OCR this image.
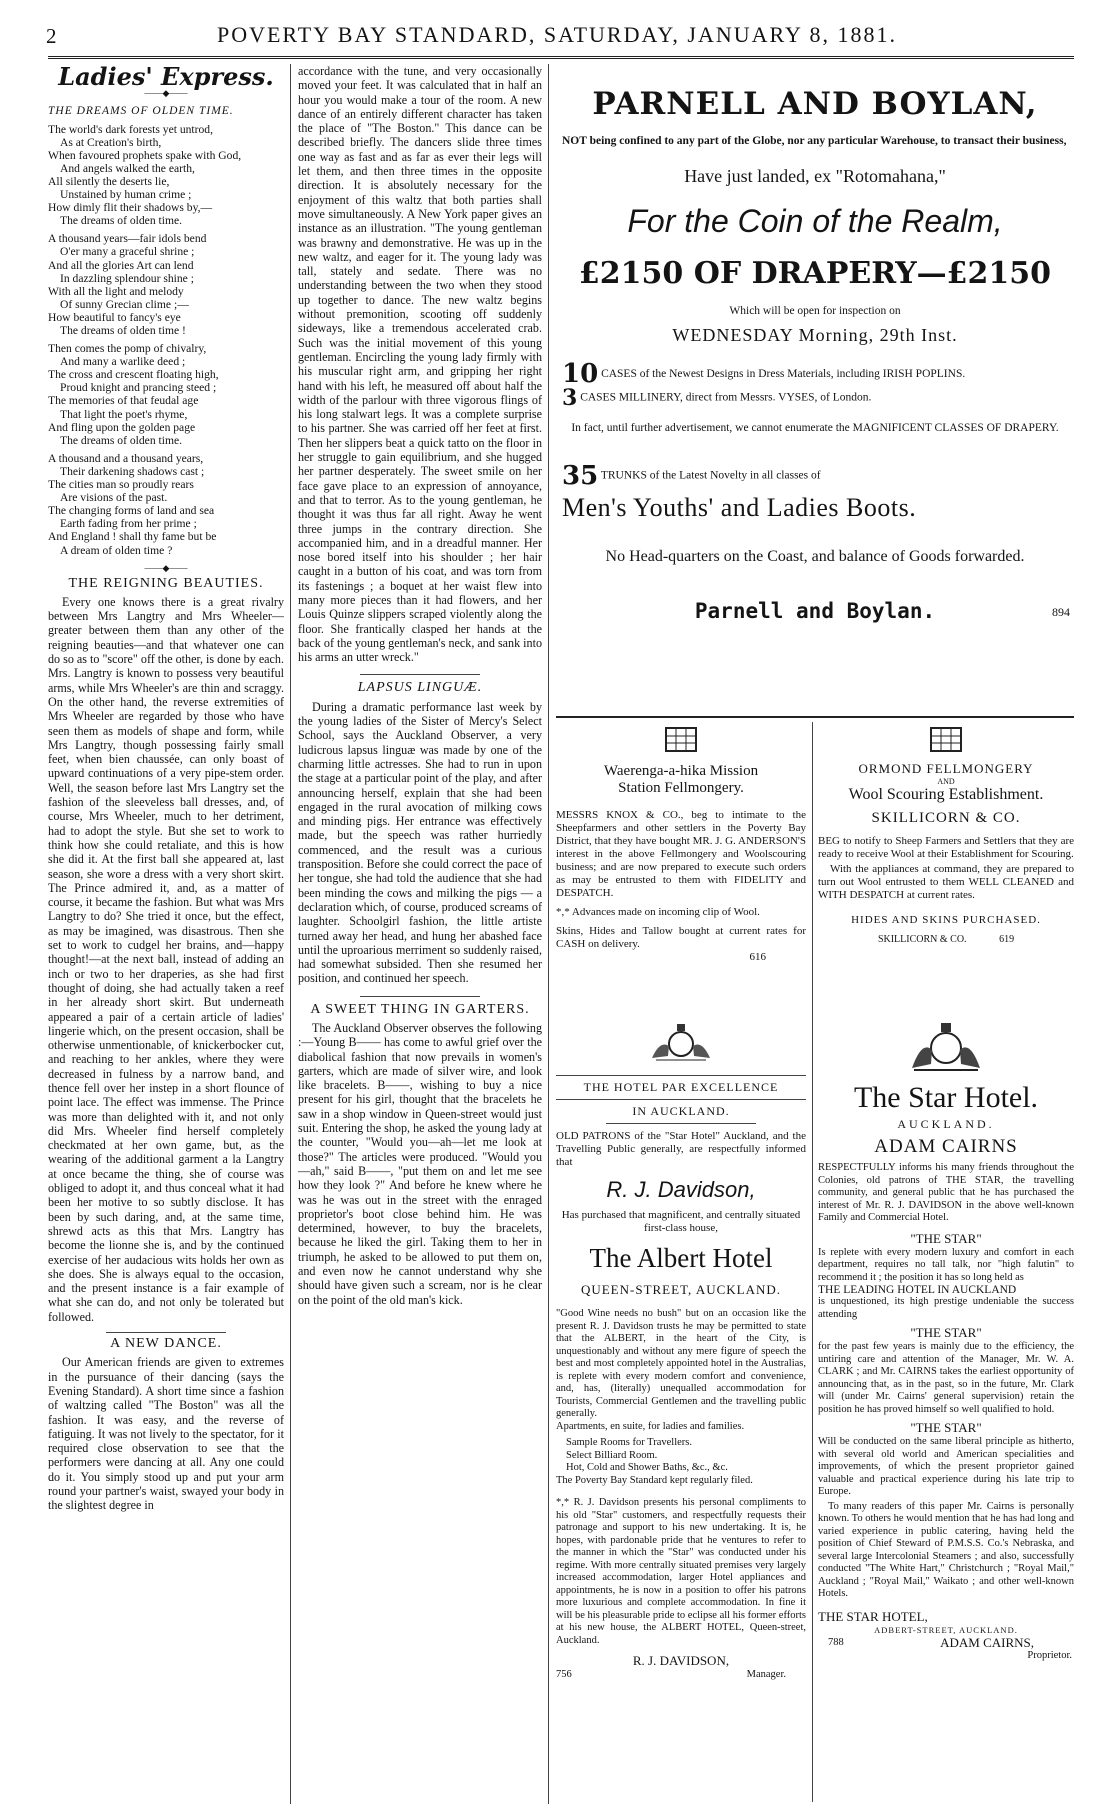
2	POVERTY BAY STANDARD, SATURDAY, JANUARY 8, 1881.
Ladies' Express.
——◆——
THE DREAMS OF OLDEN TIME.
The world's dark forests yet untrod,
As at Creation's birth,
When favoured prophets spake with God,
And angels walked the earth,
All silently the deserts lie,
Unstained by human crime ;
How dimly flit their shadows by,—
The dreams of olden time.
A thousand years—fair idols bend
O'er many a graceful shrine ;
And all the glories Art can lend
In dazzling splendour shine ;
With all the light and melody
Of sunny Grecian clime ;—
How beautiful to fancy's eye
The dreams of olden time !
Then comes the pomp of chivalry,
And many a warlike deed ;
The cross and crescent floating high,
Proud knight and prancing steed ;
The memories of that feudal age
That light the poet's rhyme,
And fling upon the golden page
The dreams of olden time.
A thousand and a thousand years,
Their darkening shadows cast ;
The cities man so proudly rears
Are visions of the past.
The changing forms of land and sea
Earth fading from her prime ;
And England ! shall thy fame but be
A dream of olden time ?
——◆——
THE REIGNING BEAUTIES.

Every one knows there is a great rivalry between Mrs Langtry and Mrs Wheeler—greater between them than any other of the reigning beauties—and that whatever one can do so as to "score" off the other, is done by each. Mrs. Langtry is known to possess very beautiful arms, while Mrs Wheeler's are thin and scraggy. On the other hand, the reverse extremities of Mrs Wheeler are regarded by those who have seen them as models of shape and form, while Mrs Langtry, though possessing fairly small feet, when bien chaussée, can only boast of upward continuations of a very pipe-stem order. Well, the season before last Mrs Langtry set the fashion of the sleeveless ball dresses, and, of course, Mrs Wheeler, much to her detriment, had to adopt the style. But she set to work to think how she could retaliate, and this is how she did it. At the first ball she appeared at, last season, she wore a dress with a very short skirt. The Prince admired it, and, as a matter of course, it became the fashion. But what was Mrs Langtry to do? She tried it once, but the effect, as may be imagined, was disastrous. Then she set to work to cudgel her brains, and—happy thought!—at the next ball, instead of adding an inch or two to her draperies, as she had first thought of doing, she had actually taken a reef in her already short skirt. But underneath appeared a pair of a certain article of ladies' lingerie which, on the present occasion, shall be otherwise unmentionable, of knickerbocker cut, and reaching to her ankles, where they were decreased in fulness by a narrow band, and thence fell over her instep in a short flounce of point lace. The effect was immense. The Prince was more than delighted with it, and not only did Mrs. Wheeler find herself completely checkmated at her own game, but, as the wearing of the additional garment a la Langtry at once became the thing, she of course was obliged to adopt it, and thus conceal what it had been her motive to so subtly disclose. It has been by such daring, and, at the same time, shrewd acts as this that Mrs. Langtry has become the lionne she is, and by the continued exercise of her audacious wits holds her own as she does. She is always equal to the occasion, and the present instance is a fair example of what she can do, and not only be tolerated but followed.

A NEW DANCE.

Our American friends are given to extremes in the pursuance of their dancing (says the Evening Standard). A short time since a fashion of waltzing called "The Boston" was all the fashion. It was easy, and the reverse of fatiguing. It was not lively to the spectator, for it required close observation to see that the performers were dancing at all. Any one could do it. You simply stood up and put your arm round your partner's waist, swayed your body in the slightest degree in

accordance with the tune, and very occasionally moved your feet. It was calculated that in half an hour you would make a tour of the room. A new dance of an entirely different character has taken the place of "The Boston." This dance can be described briefly. The dancers slide three times one way as fast and as far as ever their legs will let them, and then three times in the opposite direction. It is absolutely necessary for the enjoyment of this waltz that both parties shall move simultaneously. A New York paper gives an instance as an illustration. "The young gentleman was brawny and demonstrative. He was up in the new waltz, and eager for it. The young lady was tall, stately and sedate. There was no understanding between the two when they stood up together to dance. The new waltz begins without premonition, scooting off suddenly sideways, like a tremendous accelerated crab. Such was the initial movement of this young gentleman. Encircling the young lady firmly with his muscular right arm, and gripping her right hand with his left, he measured off about half the width of the parlour with three vigorous flings of his long stalwart legs. It was a complete surprise to his partner. She was carried off her feet at first. Then her slippers beat a quick tatto on the floor in her struggle to gain equilibrium, and she hugged her partner desperately. The sweet smile on her face gave place to an expression of annoyance, and that to terror. As to the young gentleman, he thought it was thus far all right. Away he went three jumps in the contrary direction. She accompanied him, and in a dreadful manner. Her nose bored itself into his shoulder ; her hair caught in a button of his coat, and was torn from its fastenings ; a boquet at her waist flew into many more pieces than it had flowers, and her Louis Quinze slippers scraped violently along the floor. She frantically clasped her hands at the back of the young gentleman's neck, and sank into his arms an utter wreck."

LAPSUS LINGUÆ.

During a dramatic performance last week by the young ladies of the Sister of Mercy's Select School, says the Auckland Observer, a very ludicrous lapsus linguæ was made by one of the charming little actresses. She had to run in upon the stage at a particular point of the play, and after announcing herself, explain that she had been engaged in the rural avocation of milking cows and minding pigs. Her entrance was effectively made, but the speech was rather hurriedly commenced, and the result was a curious transposition. Before she could correct the pace of her tongue, she had told the audience that she had been minding the cows and milking the pigs — a declaration which, of course, produced screams of laughter. Schoolgirl fashion, the little artiste turned away her head, and hung her abashed face until the uproarious merriment so suddenly raised, had somewhat subsided. Then she resumed her position, and continued her speech.

A SWEET THING IN GARTERS.

The Auckland Observer observes the following :—Young B—— has come to awful grief over the diabolical fashion that now prevails in women's garters, which are made of silver wire, and look like bracelets. B——, wishing to buy a nice present for his girl, thought that the bracelets he saw in a shop window in Queen-street would just suit. Entering the shop, he asked the young lady at the counter, "Would you—ah—let me look at those?" The articles were produced. "Would you—ah," said B——, "put them on and let me see how they look ?" And before he knew where he was he was out in the street with the enraged proprietor's boot close behind him. He was determined, however, to buy the bracelets, because he liked the girl. Taking them to her in triumph, he asked to be allowed to put them on, and even now he cannot understand why she should have given such a scream, nor is he clear on the point of the old man's kick.

PARNELL AND BOYLAN,
NOT being confined to any part of the Globe, nor any particular Warehouse, to transact their business,
Have just landed, ex "Rotomahana,"
For the Coin of the Realm,
£2150 OF DRAPERY—£2150
Which will be open for inspection on
WEDNESDAY Morning, 29th Inst.
10 CASES of the Newest Designs in Dress Materials, including IRISH POPLINS.
3 CASES MILLINERY, direct from Messrs. VYSES, of London.
In fact, until further advertisement, we cannot enumerate the MAGNIFICENT CLASSES OF DRAPERY.
35 TRUNKS of the Latest Novelty in all classes of
Men's Youths' and Ladies Boots.
No Head-quarters on the Coast, and balance of Goods forwarded.
Parnell and Boylan.	894
Waerenga-a-hika Mission
Station Fellmongery.
MESSRS KNOX & CO., beg to intimate to the Sheepfarmers and other settlers in the Poverty Bay District, that they have bought MR. J. G. ANDERSON'S interest in the above Fellmongery and Woolscouring business; and are now prepared to execute such orders as may be entrusted to them with FIDELITY and DESPATCH.
*,* Advances made on incoming clip of Wool.
Skins, Hides and Tallow bought at current rates for CASH on delivery.
616
ORMOND FELLMONGERY
AND
Wool Scouring Establishment.
SKILLICORN & CO.
BEG to notify to Sheep Farmers and Settlers that they are ready to receive Wool at their Establishment for Scouring.
With the appliances at command, they are prepared to turn out Wool entrusted to them WELL CLEANED and WITH DESPATCH at current rates.
HIDES AND SKINS PURCHASED.
SKILLICORN & CO.	619
THE HOTEL PAR EXCELLENCE
IN AUCKLAND.
OLD PATRONS of the "Star Hotel" Auckland, and the Travelling Public generally, are respectfully informed that
R. J. Davidson,
Has purchased that magnificent, and centrally situated first-class house,
The Albert Hotel
QUEEN-STREET, AUCKLAND.
"Good Wine needs no bush" but on an occasion like the present R. J. Davidson trusts he may be permitted to state that the ALBERT, in the heart of the City, is unquestionably and without any mere figure of speech the best and most completely appointed hotel in the Australias, is replete with every modern comfort and convenience, and, has, (literally) unequalled accommodation for Tourists, Commercial Gentlemen and the travelling public generally.
Apartments, en suite, for ladies and families.
Sample Rooms for Travellers.
Select Billiard Room.
Hot, Cold and Shower Baths, &c., &c.
The Poverty Bay Standard kept regularly filed.
*,* R. J. Davidson presents his personal compliments to his old "Star" customers, and respectfully requests their patronage and support to his new undertaking. It is, he hopes, with pardonable pride that he ventures to refer to the manner in which the "Star" was conducted under his regime. With more centrally situated premises very largely increased accommodation, larger Hotel appliances and appointments, he is now in a position to offer his patrons more luxurious and complete accommodation. In fine it will be his pleasurable pride to eclipse all his former efforts at his new house, the ALBERT HOTEL, Queen-street, Auckland.
R. J. DAVIDSON,
756	Manager.
The Star Hotel.
AUCKLAND.
ADAM CAIRNS
RESPECTFULLY informs his many friends throughout the Colonies, old patrons of THE STAR, the travelling community, and general public that he has purchased the interest of Mr. R. J. DAVIDSON in the above well-known Family and Commercial Hotel.
"THE STAR"
Is replete with every modern luxury and comfort in each department, requires no tall talk, nor "high falutin" to recommend it ; the position it has so long held as
THE LEADING HOTEL IN AUCKLAND
is unquestioned, its high prestige undeniable the success attending
"THE STAR"
for the past few years is mainly due to the efficiency, the untiring care and attention of the Manager, Mr. W. A. CLARK ; and Mr. CAIRNS takes the earliest opportunity of announcing that, as in the past, so in the future, Mr. Clark will (under Mr. Cairns' general supervision) retain the position he has proved himself so well qualified to hold.
"THE STAR"
Will be conducted on the same liberal principle as hitherto, with several old world and American specialities and improvements, of which the present proprietor gained valuable and practical experience during his late trip to Europe.
To many readers of this paper Mr. Cairns is personally known. To others he would mention that he has had long and varied experience in public catering, having held the position of Chief Steward of P.M.S.S. Co.'s Nebraska, and several large Intercolonial Steamers ; and also, successfully conducted "The White Hart," Christchurch ; "Royal Mail," Auckland ; "Royal Mail," Waikato ; and other well-known Hotels.
THE STAR HOTEL,
ADBERT-STREET, AUCKLAND.
788	ADAM CAIRNS,
Proprietor.
